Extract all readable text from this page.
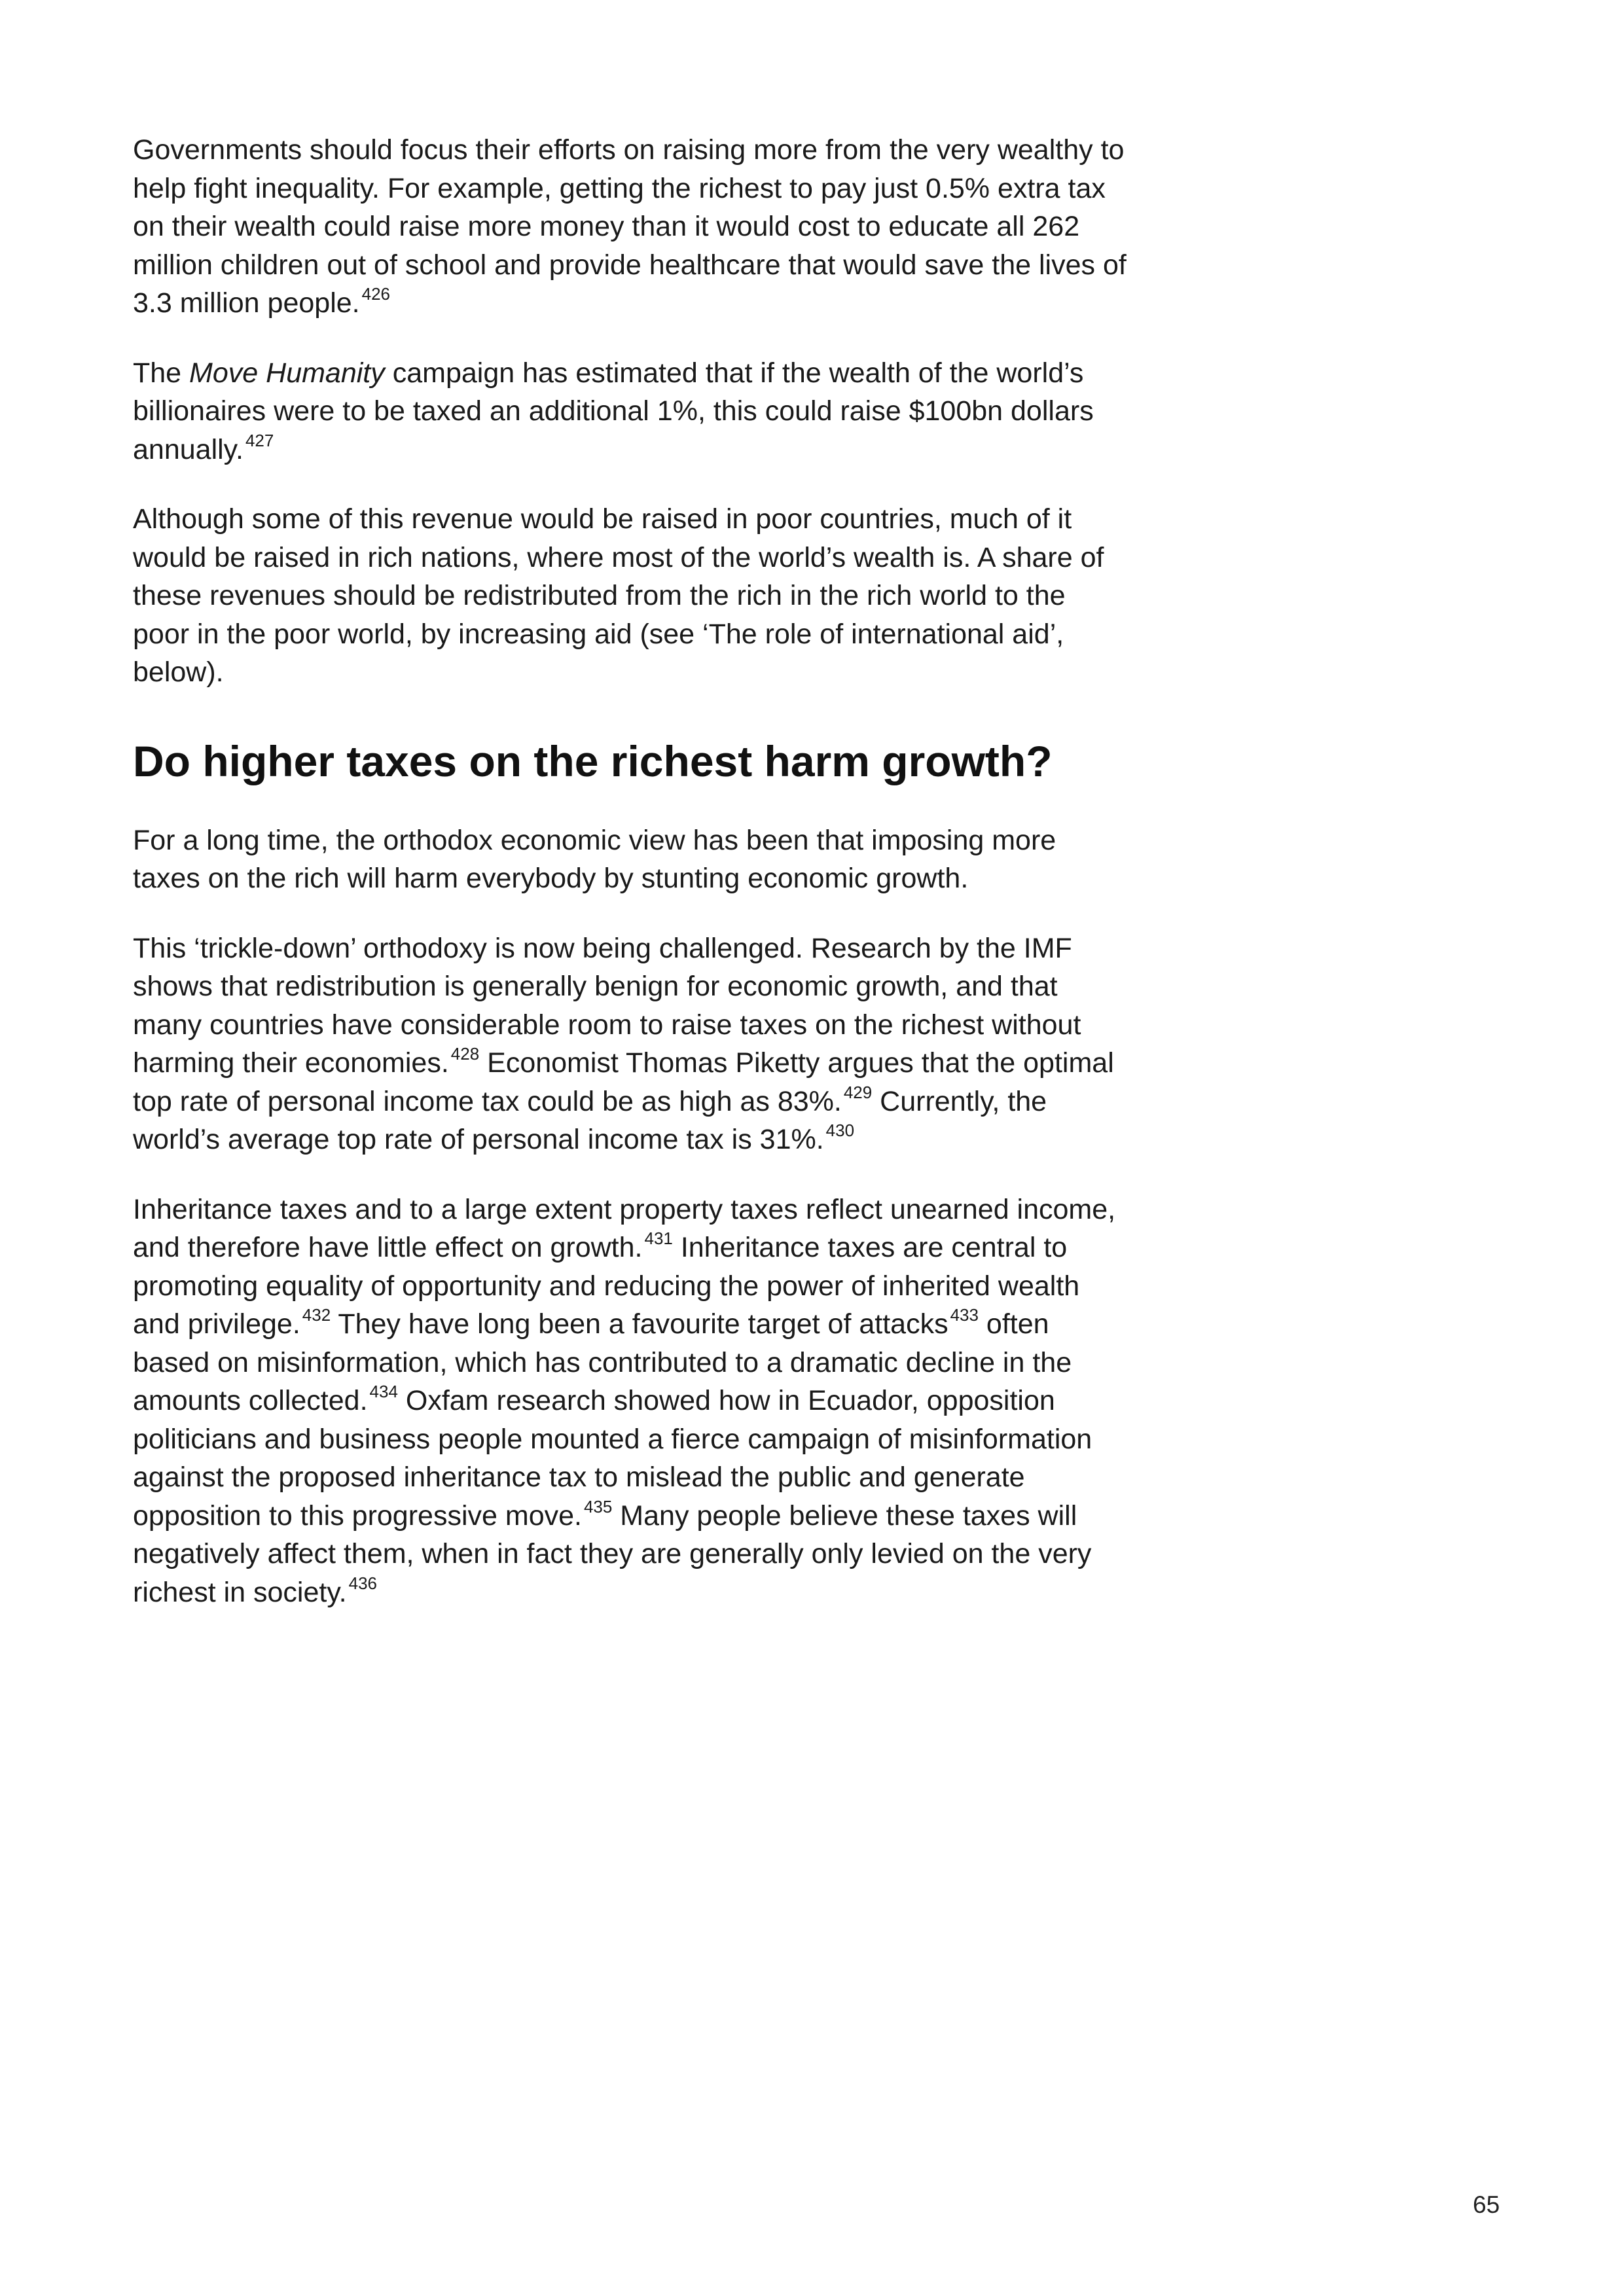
Governments should focus their efforts on raising more from the very wealthy to help fight inequality. For example, getting the richest to pay just 0.5% extra tax on their wealth could raise more money than it would cost to educate all 262 million children out of school and provide healthcare that would save the lives of 3.3 million people. $^{426}$

The Move Humanity campaign has estimated that if the wealth of the world’s billionaires were to be taxed an additional 1%, this could raise $100bn dollars annually. $^{427}$

Although some of this revenue would be raised in poor countries, much of it would be raised in rich nations, where most of the world’s wealth is. A share of these revenues should be redistributed from the rich in the rich world to the poor in the poor world, by increasing aid (see ‘The role of international aid’, below).

Do higher taxes on the richest harm growth?

For a long time, the orthodox economic view has been that imposing more taxes on the rich will harm everybody by stunting economic growth.

This ‘trickle-down’ orthodoxy is now being challenged. Research by the IMF shows that redistribution is generally benign for economic growth, and that many countries have considerable room to raise taxes on the richest without harming their economies. $^{428}$ Economist Thomas Piketty argues that the optimal top rate of personal income tax could be as high as 83%. $^{429}$ Currently, the world’s average top rate of personal income tax is 31%. $^{430}$

Inheritance taxes and to a large extent property taxes reflect unearned income, and therefore have little effect on growth. $^{431}$ Inheritance taxes are central to promoting equality of opportunity and reducing the power of inherited wealth and privilege. $^{432}$ They have long been a favourite target of attacks $^{433}$ often based on misinformation, which has contributed to a dramatic decline in the amounts collected. $^{434}$ Oxfam research showed how in Ecuador, opposition politicians and business people mounted a fierce campaign of misinformation against the proposed inheritance tax to mislead the public and generate opposition to this progressive move. $^{435}$ Many people believe these taxes will negatively affect them, when in fact they are generally only levied on the very richest in society. $^{436}$

65
